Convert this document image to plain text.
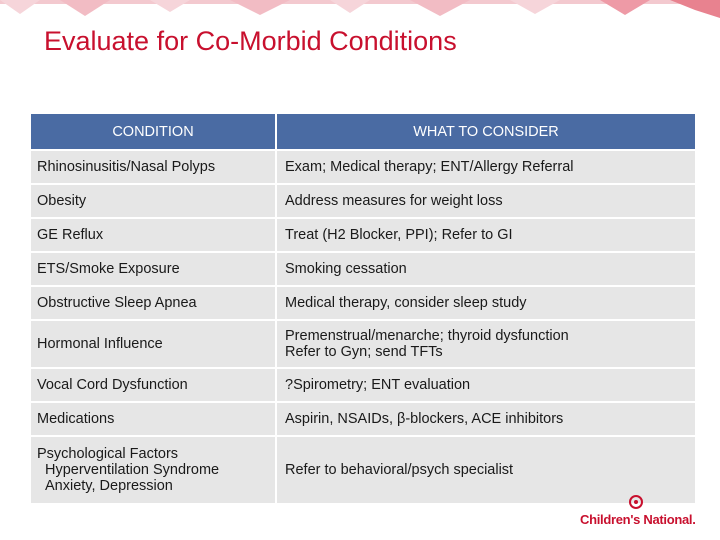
Evaluate for Co-Morbid Conditions
CONDITION	WHAT TO CONSIDER

Rhinosinusitis/Nasal Polyps	Exam; Medical therapy; ENT/Allergy Referral

Obesity	Address measures for weight loss

GE Reflux	Treat (H2 Blocker, PPI); Refer to GI

ETS/Smoke Exposure	Smoking cessation

Obstructive Sleep Apnea	Medical therapy, consider sleep study

Hormonal Influence	Premenstrual/menarche; thyroid dysfunction
Refer to Gyn; send TFTs

Vocal Cord Dysfunction	?Spirometry; ENT evaluation

Medications	Aspirin, NSAIDs, β-blockers, ACE inhibitors

Psychological Factors
Hyperventilation Syndrome
Anxiety, Depression	Refer to behavioral/psych specialist
Children's National.
